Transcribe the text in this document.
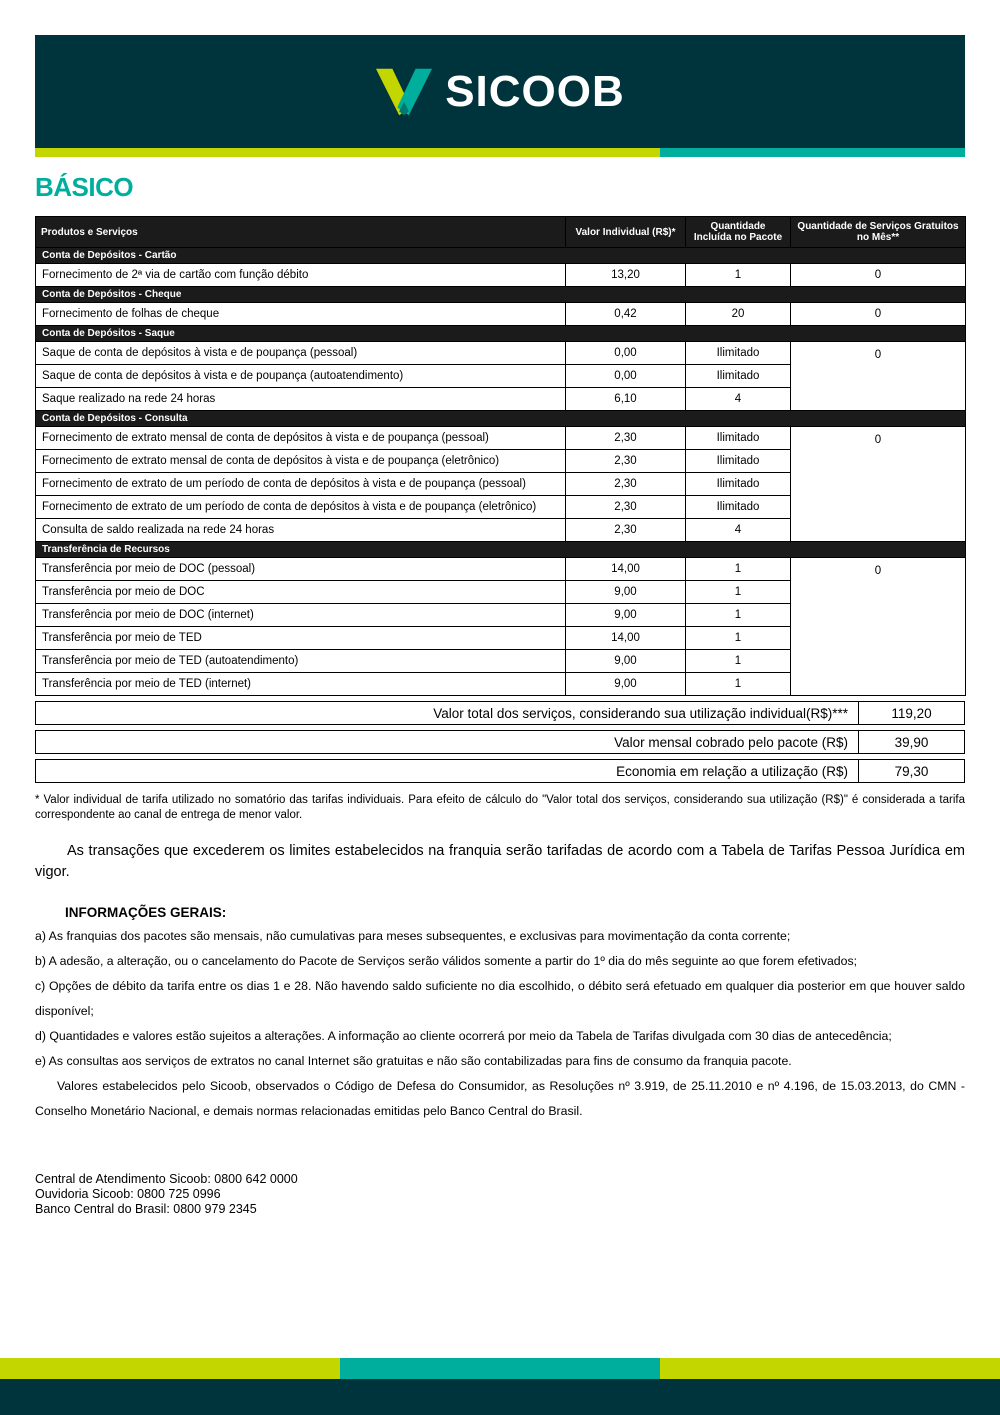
SICOOB
BÁSICO
Produtos e Serviços	Valor Individual (R$)*	Quantidade Incluída no Pacote	Quantidade de Serviços Gratuitos no Mês**
Conta de Depósitos - Cartão			
Fornecimento de 2ª via de cartão com função débito	13,20	1	0
Conta de Depósitos - Cheque			
Fornecimento de folhas de cheque	0,42	20	0
Conta de Depósitos - Saque			
Saque de conta de depósitos à vista e de poupança (pessoal)	0,00	Ilimitado	0
Saque de conta de depósitos à vista e de poupança (autoatendimento)	0,00	Ilimitado	
Saque realizado na rede 24 horas	6,10	4	
Conta de Depósitos - Consulta			
Fornecimento de extrato mensal de conta de depósitos à vista e de poupança (pessoal)	2,30	Ilimitado	0
Fornecimento de extrato mensal de conta de depósitos à vista e de poupança (eletrônico)	2,30	Ilimitado	
Fornecimento de extrato de um período de conta de depósitos à vista e de poupança (pessoal)	2,30	Ilimitado	
Fornecimento de extrato de um período de conta de depósitos à vista e de poupança (eletrônico)	2,30	Ilimitado	
Consulta de saldo realizada na rede 24 horas	2,30	4	
Transferência de Recursos			
Transferência por meio de DOC (pessoal)	14,00	1	0
Transferência por meio de DOC	9,00	1	
Transferência por meio de DOC (internet)	9,00	1	
Transferência por meio de TED	14,00	1	
Transferência por meio de TED (autoatendimento)	9,00	1	
Transferência por meio de TED (internet)	9,00	1	
Valor total dos serviços, considerando sua utilização individual(R$)***	119,20
Valor mensal cobrado pelo pacote (R$)	39,90
Economia em relação a utilização (R$)	79,30

* Valor individual de tarifa utilizado no somatório das tarifas individuais. Para efeito de cálculo do "Valor total dos serviços, considerando sua utilização (R$)" é considerada a tarifa correspondente ao canal de entrega de menor valor.

As transações que excederem os limites estabelecidos na franquia serão tarifadas de acordo com a Tabela de Tarifas Pessoa Jurídica em vigor.

INFORMAÇÕES GERAIS:

a) As franquias dos pacotes são mensais, não cumulativas para meses subsequentes, e exclusivas para movimentação da conta corrente;

b) A adesão, a alteração, ou o cancelamento do Pacote de Serviços serão válidos somente a partir do 1º dia do mês seguinte ao que forem efetivados;

c) Opções de débito da tarifa entre os dias 1 e 28. Não havendo saldo suficiente no dia escolhido, o débito será efetuado em qualquer dia posterior em que houver saldo disponível;

d) Quantidades e valores estão sujeitos a alterações. A informação ao cliente ocorrerá por meio da Tabela de Tarifas divulgada com 30 dias de antecedência;

e) As consultas aos serviços de extratos no canal Internet são gratuitas e não são contabilizadas para fins de consumo da franquia pacote.

Valores estabelecidos pelo Sicoob, observados o Código de Defesa do Consumidor, as Resoluções nº 3.919, de 25.11.2010 e nº 4.196, de 15.03.2013, do CMN - Conselho Monetário Nacional, e demais normas relacionadas emitidas pelo Banco Central do Brasil.

Central de Atendimento Sicoob: 0800 642 0000
Ouvidoria Sicoob: 0800 725 0996
Banco Central do Brasil: 0800 979 2345
